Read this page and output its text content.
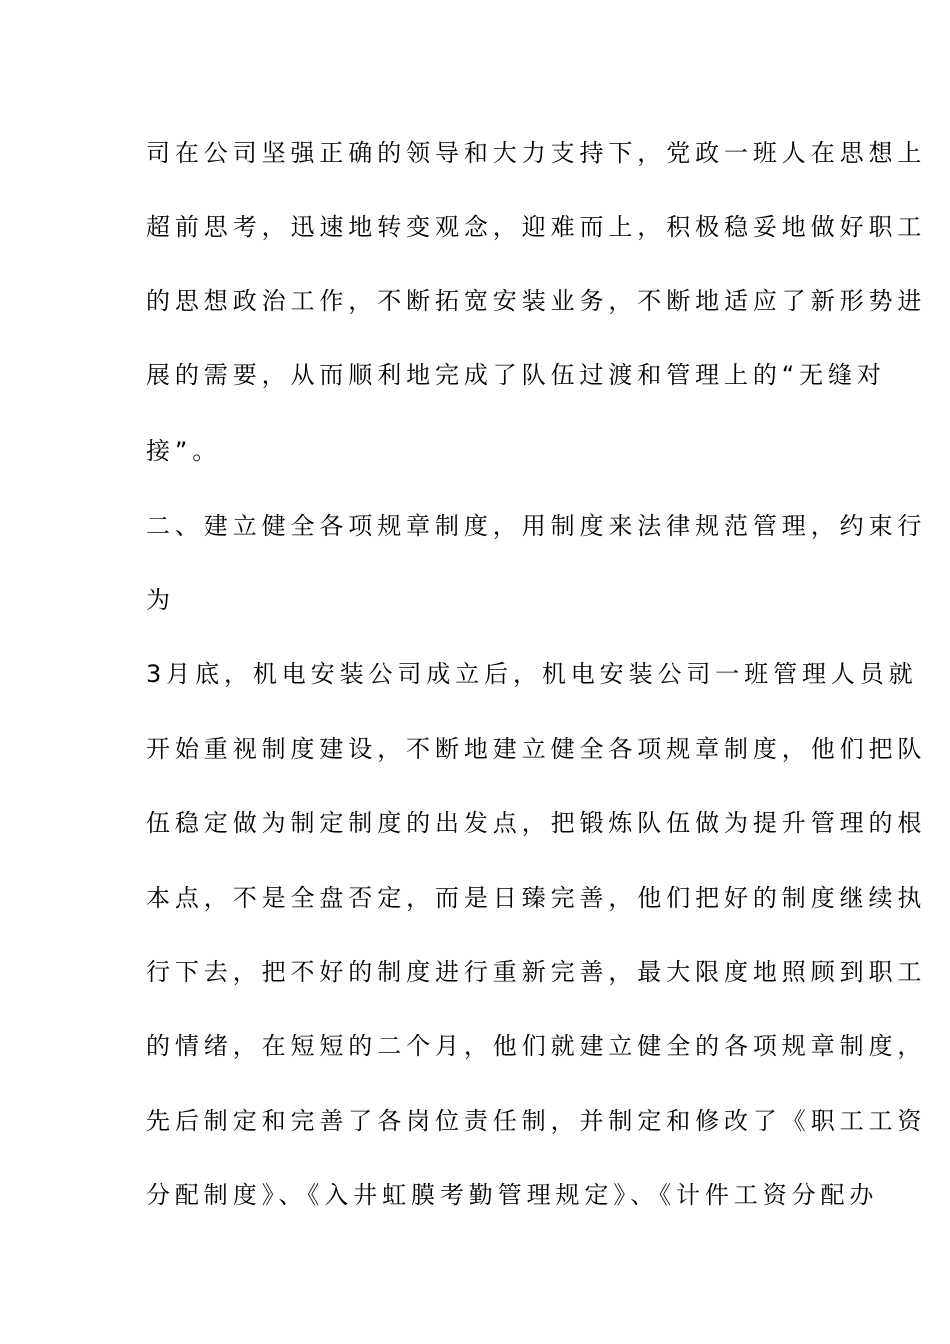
司在公司坚强正确的领导和大力支持下，党政一班人在思想上
超前思考，迅速地转变观念，迎难而上，积极稳妥地做好职工
的思想政治工作，不断拓宽安装业务，不断地适应了新形势进
展的需要，从而顺利地完成了队伍过渡和管理上的“无缝对
接”。
二、建立健全各项规章制度，用制度来法律规范管理，约束行
为
3月底，机电安装公司成立后，机电安装公司一班管理人员就
开始重视制度建设，不断地建立健全各项规章制度，他们把队
伍稳定做为制定制度的出发点，把锻炼队伍做为提升管理的根
本点，不是全盘否定，而是日臻完善，他们把好的制度继续执
行下去，把不好的制度进行重新完善，最大限度地照顾到职工
的情绪，在短短的二个月，他们就建立健全的各项规章制度，
先后制定和完善了各岗位责任制，并制定和修改了《职工工资
分配制度》、《入井虹膜考勤管理规定》、《计件工资分配办
